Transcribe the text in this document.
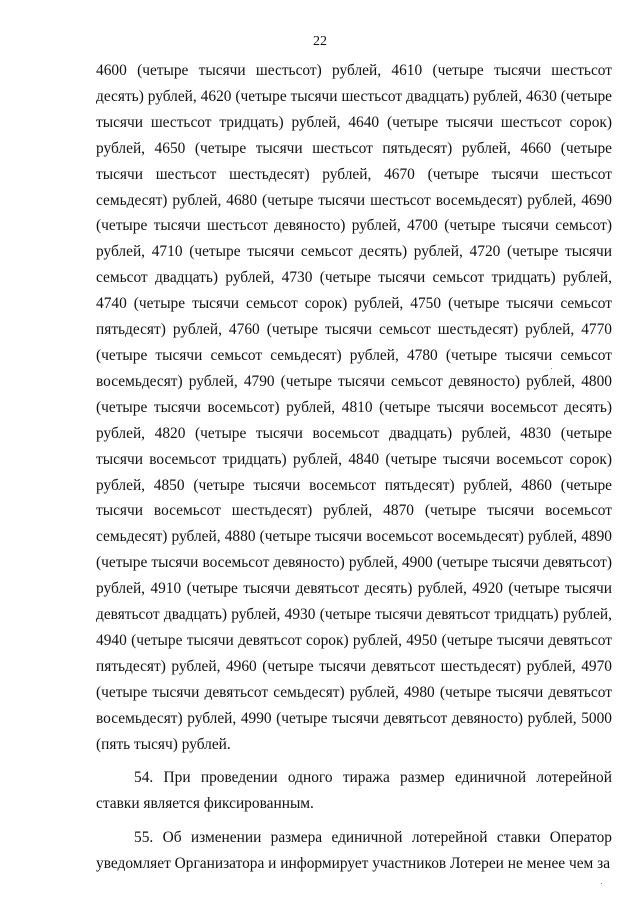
22

4600 (четыре тысячи шестьсот) рублей, 4610 (четыре тысячи шестьсот десять) рублей, 4620 (четыре тысячи шестьсот двадцать) рублей, 4630 (четыре тысячи шестьсот тридцать) рублей, 4640 (четыре тысячи шестьсот сорок) рублей, 4650 (четыре тысячи шестьсот пятьдесят) рублей, 4660 (четыре тысячи шестьсот шестьдесят) рублей, 4670 (четыре тысячи шестьсот семьдесят) рублей, 4680 (четыре тысячи шестьсот восемьдесят) рублей, 4690 (четыре тысячи шестьсот девяносто) рублей, 4700 (четыре тысячи семьсот) рублей, 4710 (четыре тысячи семьсот десять) рублей, 4720 (четыре тысячи семьсот двадцать) рублей, 4730 (четыре тысячи семьсот тридцать) рублей, 4740 (четыре тысячи семьсот сорок) рублей, 4750 (четыре тысячи семьсот пятьдесят) рублей, 4760 (четыре тысячи семьсот шестьдесят) рублей, 4770 (четыре тысячи семьсот семьдесят) рублей, 4780 (четыре тысячи семьсот восемьдесят) рублей, 4790 (четыре тысячи семьсот девяносто) рублей, 4800 (четыре тысячи восемьсот) рублей, 4810 (четыре тысячи восемьсот десять) рублей, 4820 (четыре тысячи восемьсот двадцать) рублей, 4830 (четыре тысячи восемьсот тридцать) рублей, 4840 (четыре тысячи восемьсот сорок) рублей, 4850 (четыре тысячи восемьсот пятьдесят) рублей, 4860 (четыре тысячи восемьсот шестьдесят) рублей, 4870 (четыре тысячи восемьсот семьдесят) рублей, 4880 (четыре тысячи восемьсот восемьдесят) рублей, 4890 (четыре тысячи восемьсот девяносто) рублей, 4900 (четыре тысячи девятьсот) рублей, 4910 (четыре тысячи девятьсот десять) рублей, 4920 (четыре тысячи девятьсот двадцать) рублей, 4930 (четыре тысячи девятьсот тридцать) рублей, 4940 (четыре тысячи девятьсот сорок) рублей, 4950 (четыре тысячи девятьсот пятьдесят) рублей, 4960 (четыре тысячи девятьсот шестьдесят) рублей, 4970 (четыре тысячи девятьсот семьдесят) рублей, 4980 (четыре тысячи девятьсот восемьдесят) рублей, 4990 (четыре тысячи девятьсот девяносто) рублей, 5000 (пять тысяч) рублей.

54. При проведении одного тиража размер единичной лотерейной ставки является фиксированным.

55. Об изменении размера единичной лотерейной ставки Оператор уведомляет Организатора и информирует участников Лотереи не менее чем за
